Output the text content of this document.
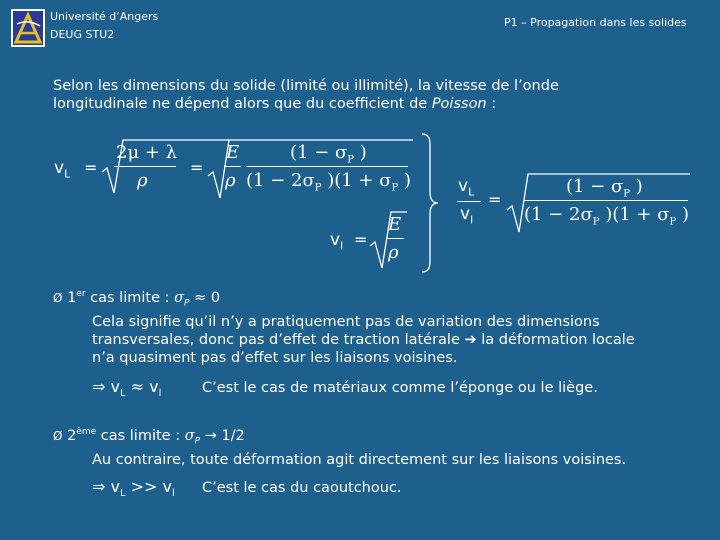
Université d’Angers
DEUG STU2
P1 – Propagation dans les solides
Selon les dimensions du solide (limité ou illimité), la vitesse de l’onde
longitudinale ne dépend alors que du coefficient de Poisson :
$v_L$ =
2μ + λ
ρ
=
E
ρ
($1 - \sigma_P$ )
($1 - 2\sigma_P$ )($1 + \sigma_P$ )
$v_l$ =
E
ρ
$v_L$
$v_l$
=
($1 - \sigma_P$ )
($1 - 2\sigma_P$ )($1 + \sigma_P$ )
Ø 1er cas limite : $\sigma_P \approx 0$
Cela signifie qu’il n’y a pratiquement pas de variation des dimensions
transversales, donc pas d’effet de traction latérale ➔ la déformation locale
n’a quasiment pas d’effet sur les liaisons voisines.
⇒ $v_L \approx v_l$	C’est le cas de matériaux comme l’éponge ou le liège.
Ø 2ème cas limite : $\sigma_P \to 1/2$
Au contraire, toute déformation agit directement sur les liaisons voisines.
⇒ $v_L >> v_l$ C’est le cas du caoutchouc.
